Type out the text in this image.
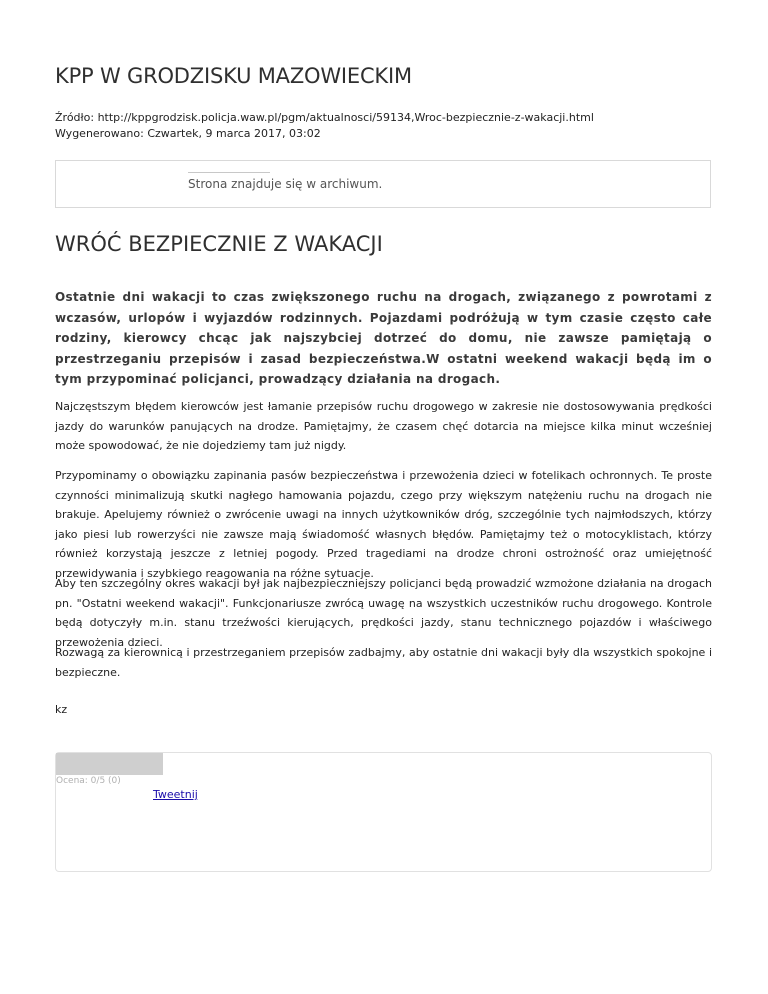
KPP W GRODZISKU MAZOWIECKIM
Źródło: http://kppgrodzisk.policja.waw.pl/pgm/aktualnosci/59134,Wroc-bezpiecznie-z-wakacji.html
Wygenerowano: Czwartek, 9 marca 2017, 03:02
Strona znajduje się w archiwum.
WRÓĆ BEZPIECZNIE Z WAKACJI

Ostatnie dni wakacji to czas zwiększonego ruchu na drogach, związanego z powrotami z wczasów, urlopów i wyjazdów rodzinnych. Pojazdami podróżują w tym czasie często całe rodziny, kierowcy chcąc jak najszybciej dotrzeć do domu, nie zawsze pamiętają o przestrzeganiu przepisów i zasad bezpieczeństwa.W ostatni weekend wakacji będą im o tym przypominać policjanci, prowadzący działania na drogach.

Najczęstszym błędem kierowców jest łamanie przepisów ruchu drogowego w zakresie nie dostosowywania prędkości jazdy do warunków panujących na drodze. Pamiętajmy, że czasem chęć dotarcia na miejsce kilka minut wcześniej może spowodować, że nie dojedziemy tam już nigdy.

Przypominamy o obowiązku zapinania pasów bezpieczeństwa i przewożenia dzieci w fotelikach ochronnych. Te proste czynności minimalizują skutki nagłego hamowania pojazdu, czego przy większym natężeniu ruchu na drogach nie brakuje. Apelujemy również o zwrócenie uwagi na innych użytkowników dróg, szczególnie tych najmłodszych, którzy jako piesi lub rowerzyści nie zawsze mają świadomość własnych błędów. Pamiętajmy też o motocyklistach, którzy również korzystają jeszcze z letniej pogody. Przed tragediami na drodze chroni ostrożność oraz umiejętność przewidywania i szybkiego reagowania na różne sytuacje.

Aby ten szczególny okres wakacji był jak najbezpieczniejszy policjanci będą prowadzić wzmożone działania na drogach pn. "Ostatni weekend wakacji". Funkcjonariusze zwrócą uwagę na wszystkich uczestników ruchu drogowego. Kontrole będą dotyczyły m.in. stanu trzeźwości kierujących, prędkości jazdy, stanu technicznego pojazdów i właściwego przewożenia dzieci.

Rozwagą za kierownicą i przestrzeganiem przepisów zadbajmy, aby ostatnie dni wakacji były dla wszystkich spokojne i bezpieczne.

kz

Ocena: 0/5 (0)
Tweetnij
